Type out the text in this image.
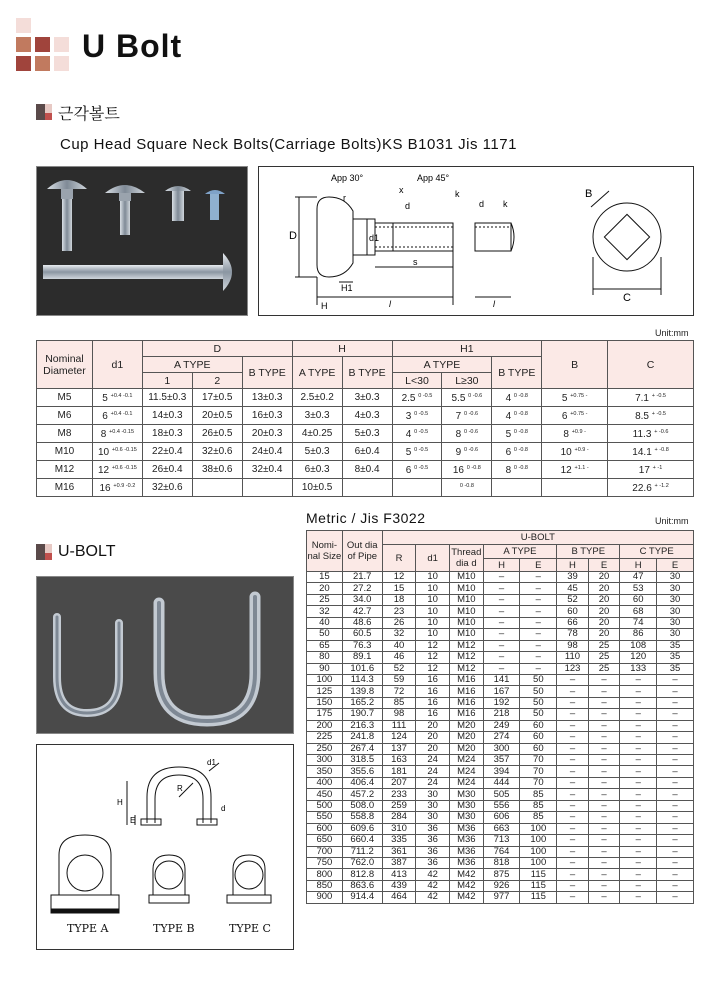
U Bolt
근각볼트
Cup Head Square Neck Bolts(Carriage Bolts)KS B1031 Jis 1171
App 30°	App 45°
r
x
d
k
d k
D	d1
s
H1
H	l	l
B
C
Unit:mm
Nominal Diameter	d1	D			H		H1			B	C
		A TYPE		B TYPE	A TYPE	B TYPE	A TYPE		B TYPE		
		1	2				L<30	L≥30			
M5	5 $^{+0.4 -0.1}$	11.5±0.3	17±0.5	13±0.3	2.5±0.2	3±0.3	2.5 $^{0 -0.5}$	5.5 $^{0 -0.6}$	4 $^{0 -0.8}$	5 $^{+0.75 -}$	7.1 $^{+ -0.5}$
M6	6 $^{+0.4 -0.1}$	14±0.3	20±0.5	16±0.3	3±0.3	4±0.3	3 $^{0 -0.5}$	7 $^{0 -0.6}$	4 $^{0 -0.8}$	6 $^{+0.75 -}$	8.5 $^{+ -0.5}$
M8	8 $^{+0.4 -0.15}$	18±0.3	26±0.5	20±0.3	4±0.25	5±0.3	4 $^{0 -0.5}$	8 $^{0 -0.6}$	5 $^{0 -0.8}$	8 $^{+0.9 -}$	11.3 $^{+ -0.6}$
M10	10 $^{+0.6 -0.15}$	22±0.4	32±0.6	24±0.4	5±0.3	6±0.4	5 $^{0 -0.5}$	9 $^{0 -0.6}$	6 $^{0 -0.8}$	10 $^{+0.9 -}$	14.1 $^{+ -0.8}$
M12	12 $^{+0.6 -0.15}$	26±0.4	38±0.6	32±0.4	6±0.3	8±0.4	6 $^{0 -0.5}$	16 $^{0 -0.8}$	8 $^{0 -0.8}$	12 $^{+1.1 -}$	17 $^{+ -1}$
M16	16 $^{+0.9 -0.2}$	32±0.6			10±0.5			$^{0 -0.8}$			22.6 $^{+ -1.2}$
U-BOLT
Metric / Jis F3022	Unit:mm
H
E
R
d1
d
TYPE A	TYPE B	TYPE C
Nomi-nal Size	Out dia of Pipe	U-BOLT								
		R	d1	Thread dia d	A TYPE		B TYPE		C TYPE	
					H	E	H	E	H	E
15	21.7	12	10	M10	–	–	39	20	47	30
20	27.2	15	10	M10	–	–	45	20	53	30
25	34.0	18	10	M10	–	–	52	20	60	30
32	42.7	23	10	M10	–	–	60	20	68	30
40	48.6	26	10	M10	–	–	66	20	74	30
50	60.5	32	10	M10	–	–	78	20	86	30
65	76.3	40	12	M12	–	–	98	25	108	35
80	89.1	46	12	M12	–	–	110	25	120	35
90	101.6	52	12	M12	–	–	123	25	133	35
100	114.3	59	16	M16	141	50	–	–	–	–
125	139.8	72	16	M16	167	50	–	–	–	–
150	165.2	85	16	M16	192	50	–	–	–	–
175	190.7	98	16	M16	218	50	–	–	–	–
200	216.3	111	20	M20	249	60	–	–	–	–
225	241.8	124	20	M20	274	60	–	–	–	–
250	267.4	137	20	M20	300	60	–	–	–	–
300	318.5	163	24	M24	357	70	–	–	–	–
350	355.6	181	24	M24	394	70	–	–	–	–
400	406.4	207	24	M24	444	70	–	–	–	–
450	457.2	233	30	M30	505	85	–	–	–	–
500	508.0	259	30	M30	556	85	–	–	–	–
550	558.8	284	30	M30	606	85	–	–	–	–
600	609.6	310	36	M36	663	100	–	–	–	–
650	660.4	335	36	M36	713	100	–	–	–	–
700	711.2	361	36	M36	764	100	–	–	–	–
750	762.0	387	36	M36	818	100	–	–	–	–
800	812.8	413	42	M42	875	115	–	–	–	–
850	863.6	439	42	M42	926	115	–	–	–	–
900	914.4	464	42	M42	977	115	–	–	–	–
